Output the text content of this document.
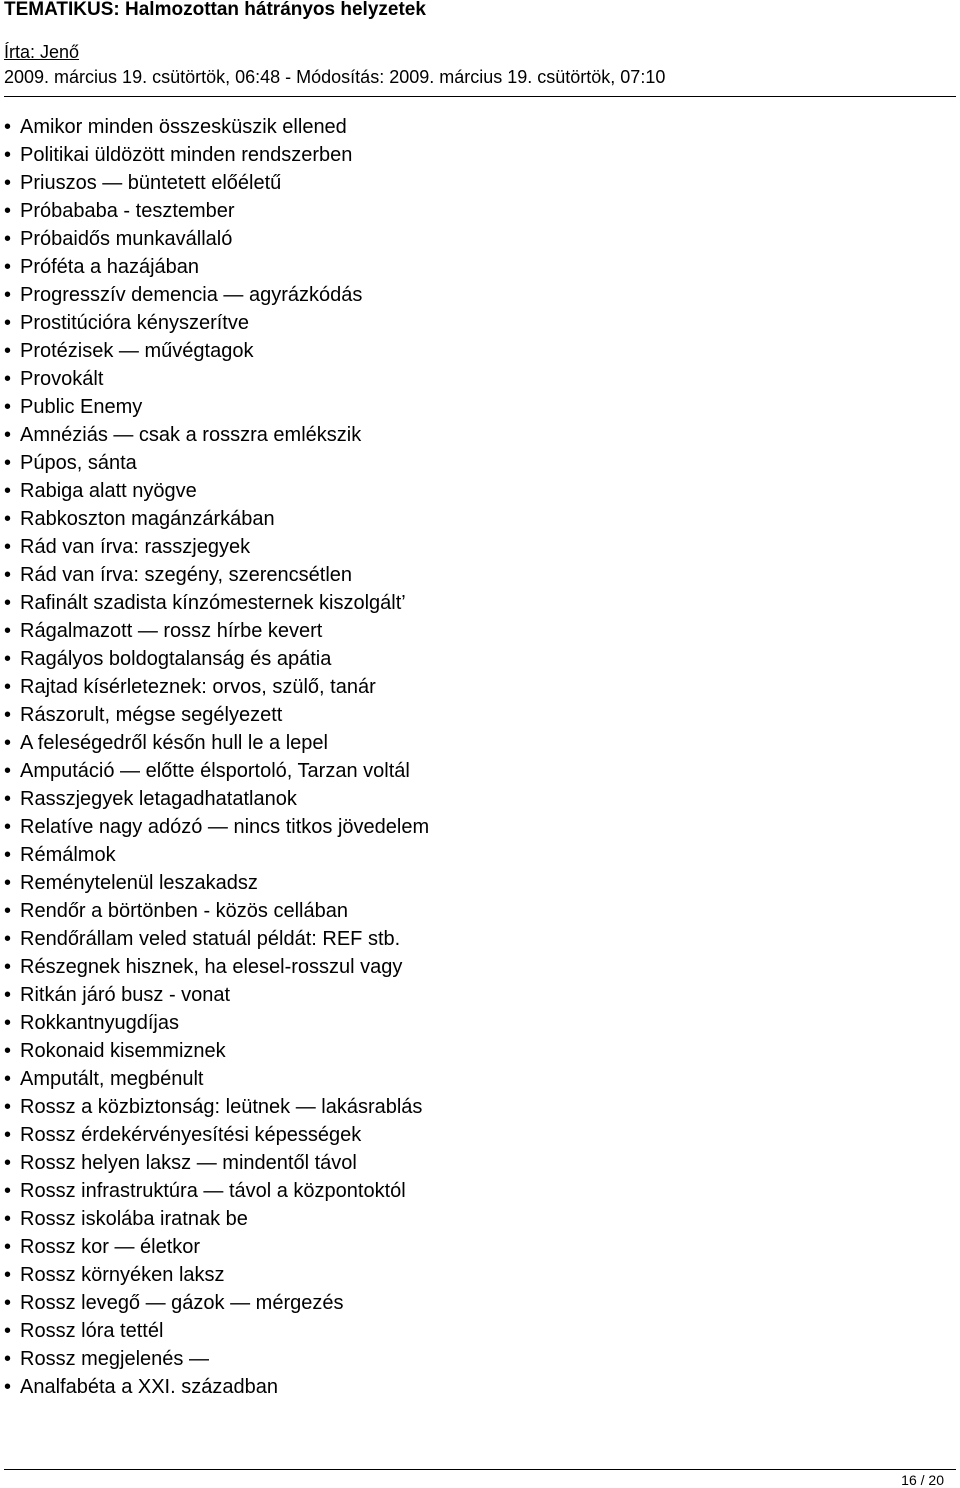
TEMATIKUS: Halmozottan hátrányos helyzetek
Írta: Jenő
2009. március 19. csütörtök, 06:48 - Módosítás: 2009. március 19. csütörtök, 07:10
• Amikor minden összesküszik ellened
• Politikai üldözött minden rendszerben
• Priuszos — büntetett előéletű
• Próbababa - tesztember
• Próbaidős munkavállaló
• Próféta a hazájában
• Progresszív demencia — agyrázkódás
• Prostitúcióra kényszerítve
• Protézisek — művégtagok
• Provokált
• Public Enemy
• Amnéziás — csak a rosszra emlékszik
• Púpos, sánta
• Rabiga alatt nyögve
• Rabkoszton magánzárkában
• Rád van írva: rasszjegyek
• Rád van írva: szegény, szerencsétlen
• Rafinált szadista kínzómesternek kiszolgált’
• Rágalmazott — rossz hírbe kevert
• Ragályos boldogtalanság és apátia
• Rajtad kísérleteznek: orvos, szülő, tanár
• Rászorult, mégse segélyezett
• A feleségedről későn hull le a lepel
• Amputáció — előtte élsportoló, Tarzan voltál
• Rasszjegyek letagadhatatlanok
• Relatíve nagy adózó — nincs titkos jövedelem
• Rémálmok
• Reménytelenül leszakadsz
• Rendőr a börtönben - közös cellában
• Rendőrállam veled statuál példát: REF stb.
• Részegnek hisznek, ha elesel-rosszul vagy
• Ritkán járó busz - vonat
• Rokkantnyugdíjas
• Rokonaid kisemmiznek
• Amputált, megbénult
• Rossz a közbiztonság: leütnek — lakásrablás
• Rossz érdekérvényesítési képességek
• Rossz helyen laksz — mindentől távol
• Rossz infrastruktúra — távol a központoktól
• Rossz iskolába iratnak be
• Rossz kor — életkor
• Rossz környéken laksz
• Rossz levegő — gázok — mérgezés
• Rossz lóra tettél
• Rossz megjelenés —
• Analfabéta a XXI. században
16 / 20
